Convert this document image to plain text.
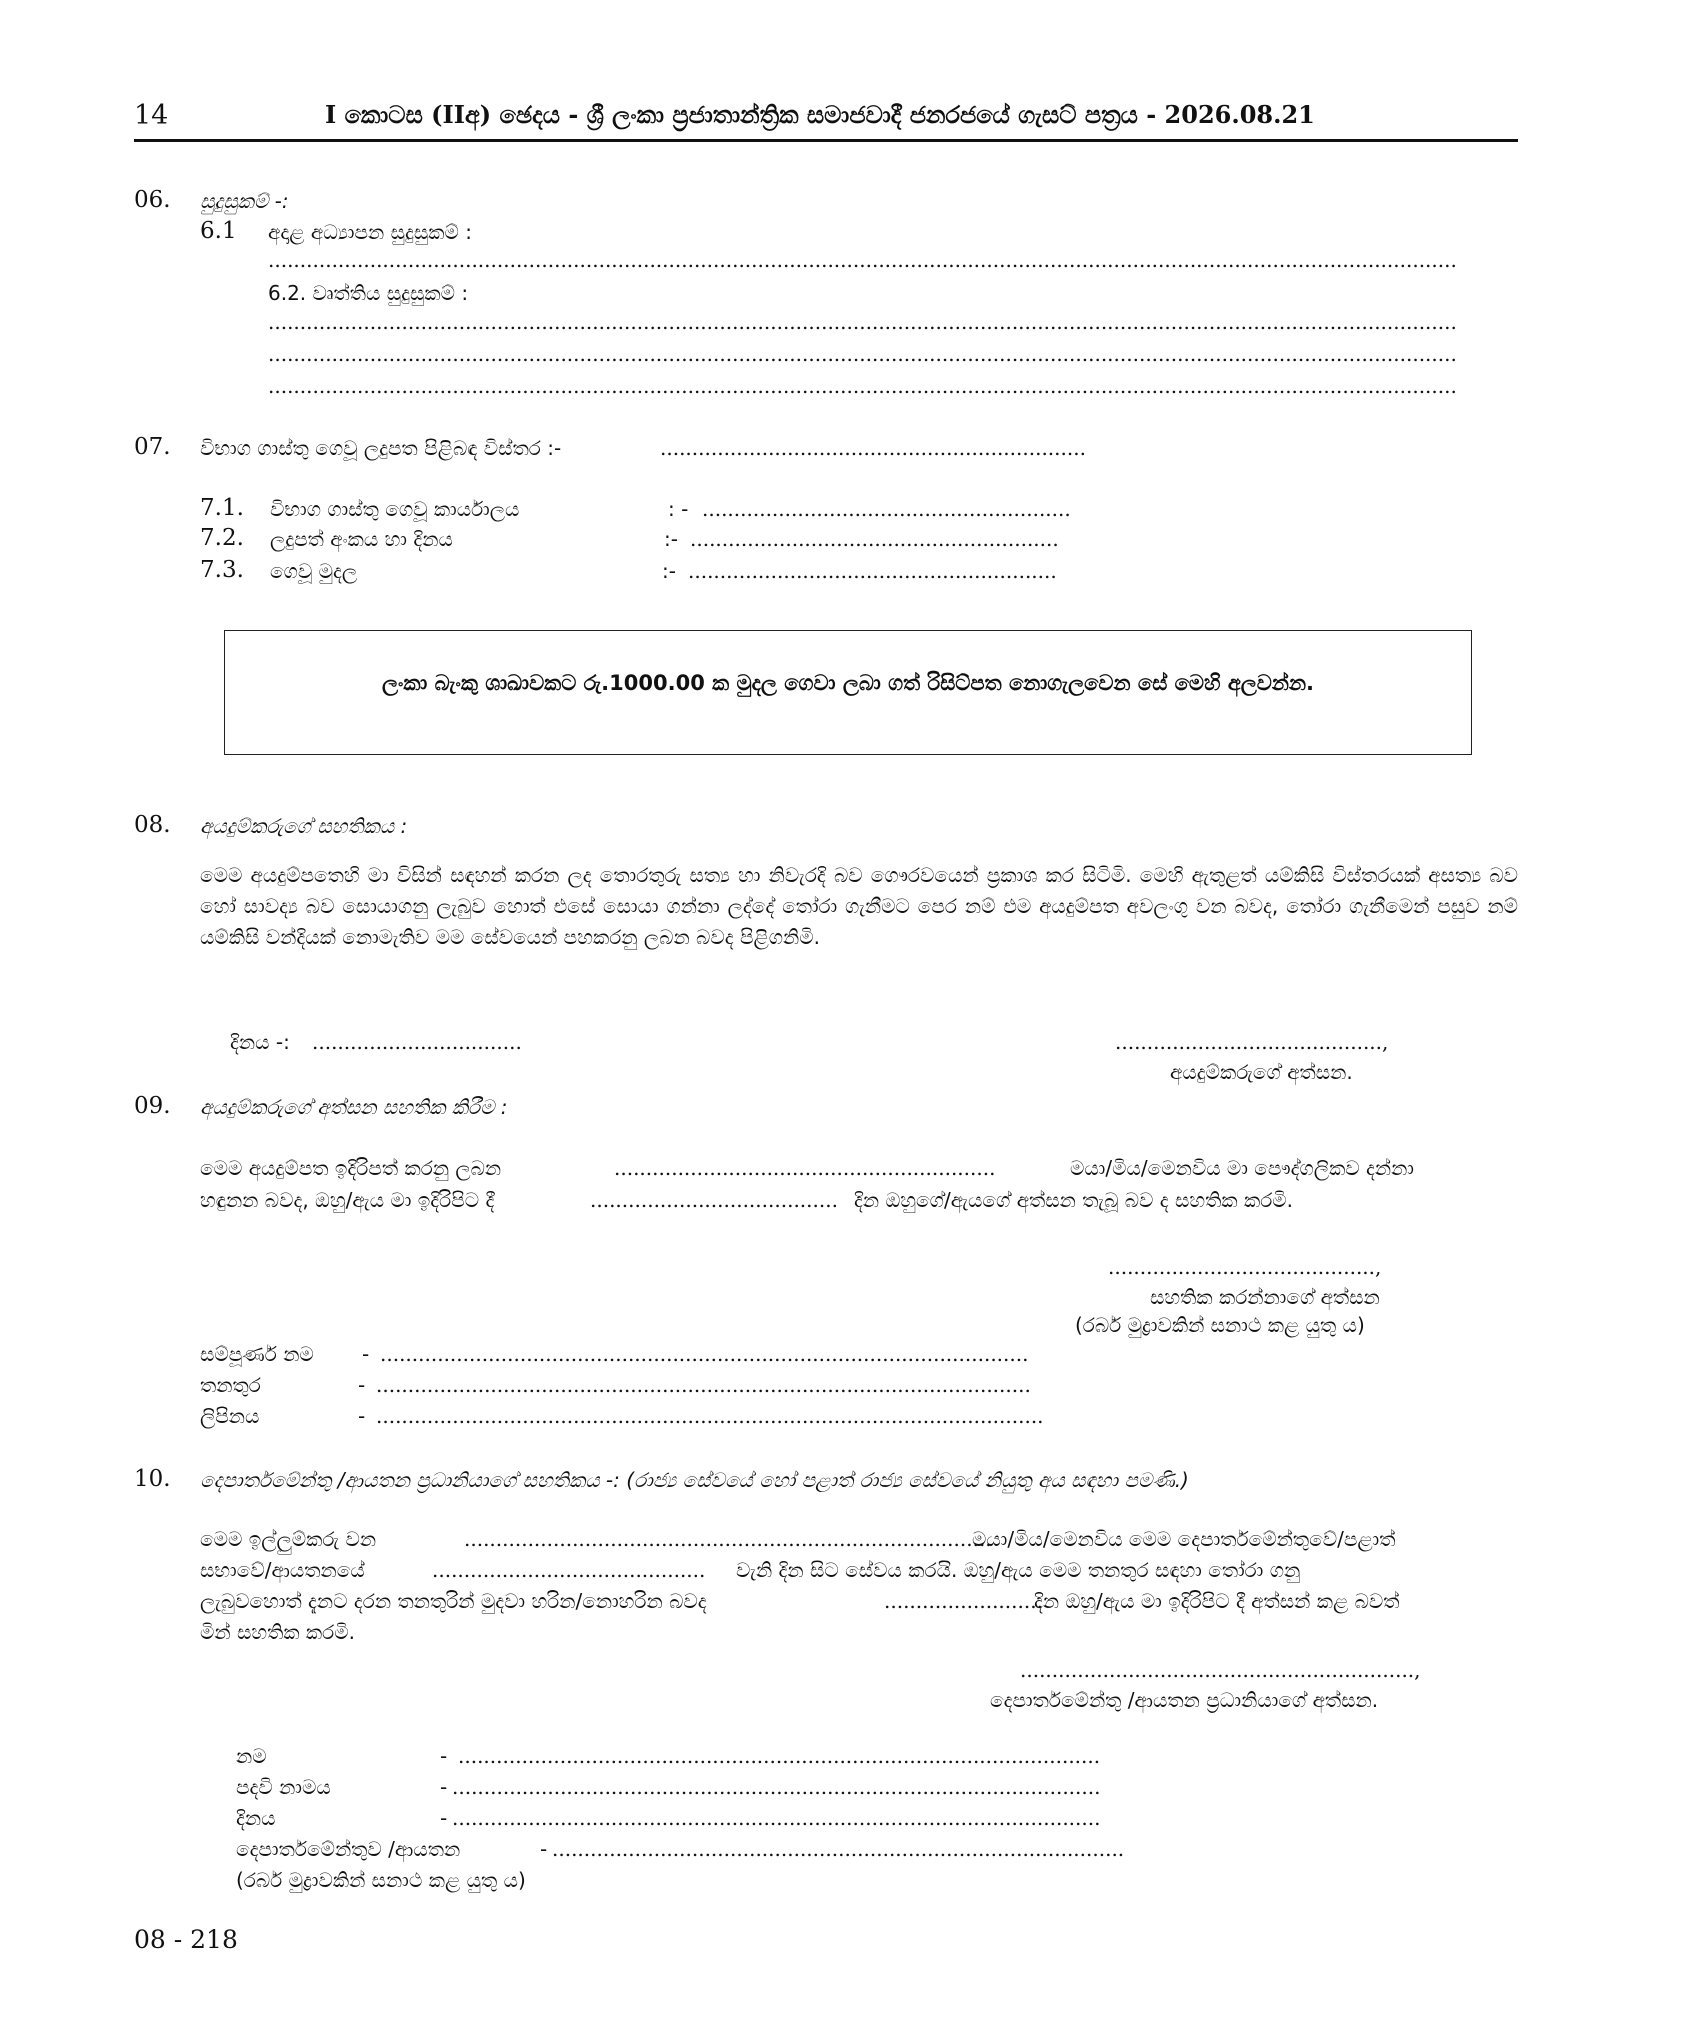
14	I කොටස (IIඅ) ඡෙදය - ශ්‍රී ලංකා ප්‍රජාතාන්ත්‍රික සමාජවාදී ජනරජයේ ගැසට් පත්‍රය - 2026.08.21
06. සුදුසුකම් -:
6.1 අදාළ අධ්‍යාපන සුදුසුකම් :
...........................................................................................................................................................................................
6.2. වෘත්තිය සුදුසුකම් :
...........................................................................................................................................................................................
...........................................................................................................................................................................................
...........................................................................................................................................................................................
07. විභාග ගාස්තු ගෙවූ ලදුපත පිළිබඳ විස්තර :-	...................................................................
7.1. විභාග ගාස්තු ගෙවූ කාර්යාලය	: - ..........................................................
7.2. ලදුපත් අංකය හා දිනය	:- ..........................................................
7.3. ගෙවූ මුදල	:- ..........................................................
ලංකා බැංකු ශාඛාවකට රු.1000.00 ක මුදල ගෙවා ලබා ගත් රිසිට්පත නොගැලවෙන සේ මෙහි අලවන්න.
08. අයදුම්කරුගේ සහතිකය :
මෙම අයදුම්පතෙහි මා විසින් සඳහන් කරන ලද තොරතුරු සත්‍ය හා නිවැරදි බව ගෞරවයෙන් ප්‍රකාශ කර සිටිමි. මෙහි ඇතුළත් යම්කිසි විස්තරයක් අසත්‍ය බව හෝ සාවද්‍ය බව සොයාගනු ලැබුව හොත් එසේ සොයා ගන්නා ලද්දේ තෝරා ගැනීමට පෙර නම් එම අයදුම්පත අවලංගු වන බවද, තෝරා ගැනීමෙන් පසුව නම් යම්කිසි වන්දියක් නොමැතිව මම සේවයෙන් පහකරනු ලබන බවද පිළිගනිමි.
දිනය -: .................................	..........................................,
අයදුම්කරුගේ අත්සන.
09. අයදුම්කරුගේ අත්සන සහතික කිරීම :
මෙම අයදුම්පත ඉදිරිපත් කරනු ලබන	............................................................	මයා/මිය/මෙනවිය මා පෞද්ගලිකව දන්නා
හඳුනන බවද, ඔහු/ඇය මා ඉදිරිපිට දී	....................................... දින ඔහුගේ/ඇයගේ අත්සන තැබූ බව ද සහතික කරමි.
..........................................,
සහතික කරන්නාගේ අත්සන
(රබර් මුද්‍රාවකින් සනාථ කළ යුතු ය)
සම්පූර්ණ නම - ......................................................................................................
තනතුර	- .......................................................................................................
ලිපිනය	- .........................................................................................................
10. දෙපාර්තමේන්තු /ආයතන ප්‍රධානියාගේ සහතිකය -: (රාජ්‍ය සේවයේ හෝ පළාත් රාජ්‍ය සේවයේ නියුතු අය සඳහා පමණි.)
මෙම ඉල්ලුම්කරු වන	...................................................................................
මයා/මිය/මෙනවිය මෙම දෙපාර්තමේන්තුවේ/පළාත්
සභාවේ/ආයතනයේ	........................................... වැනි දින සිට සේවය කරයි. ඔහු/ඇය මෙම තනතුර සඳහා තෝරා ගනු
ලැබුවහොත් දැනට දරන තනතුරින් මුදවා හරින/නොහරින බවද	.........................
දින ඔහු/ඇය මා ඉදිරිපිට දී අත්සන් කළ බවත්
මින් සහතික කරමි.
..............................................................,
දෙපාර්තමේන්තු /ආයතන ප්‍රධානියාගේ අත්සන.
නම	- .....................................................................................................
පදවි නාමය	- ......................................................................................................
දිනය	- ......................................................................................................
දෙපාර්තමේන්තුව /ආයතන	- ..........................................................................................
(රබර් මුද්‍රාවකින් සනාථ කළ යුතු ය)
08 - 218
